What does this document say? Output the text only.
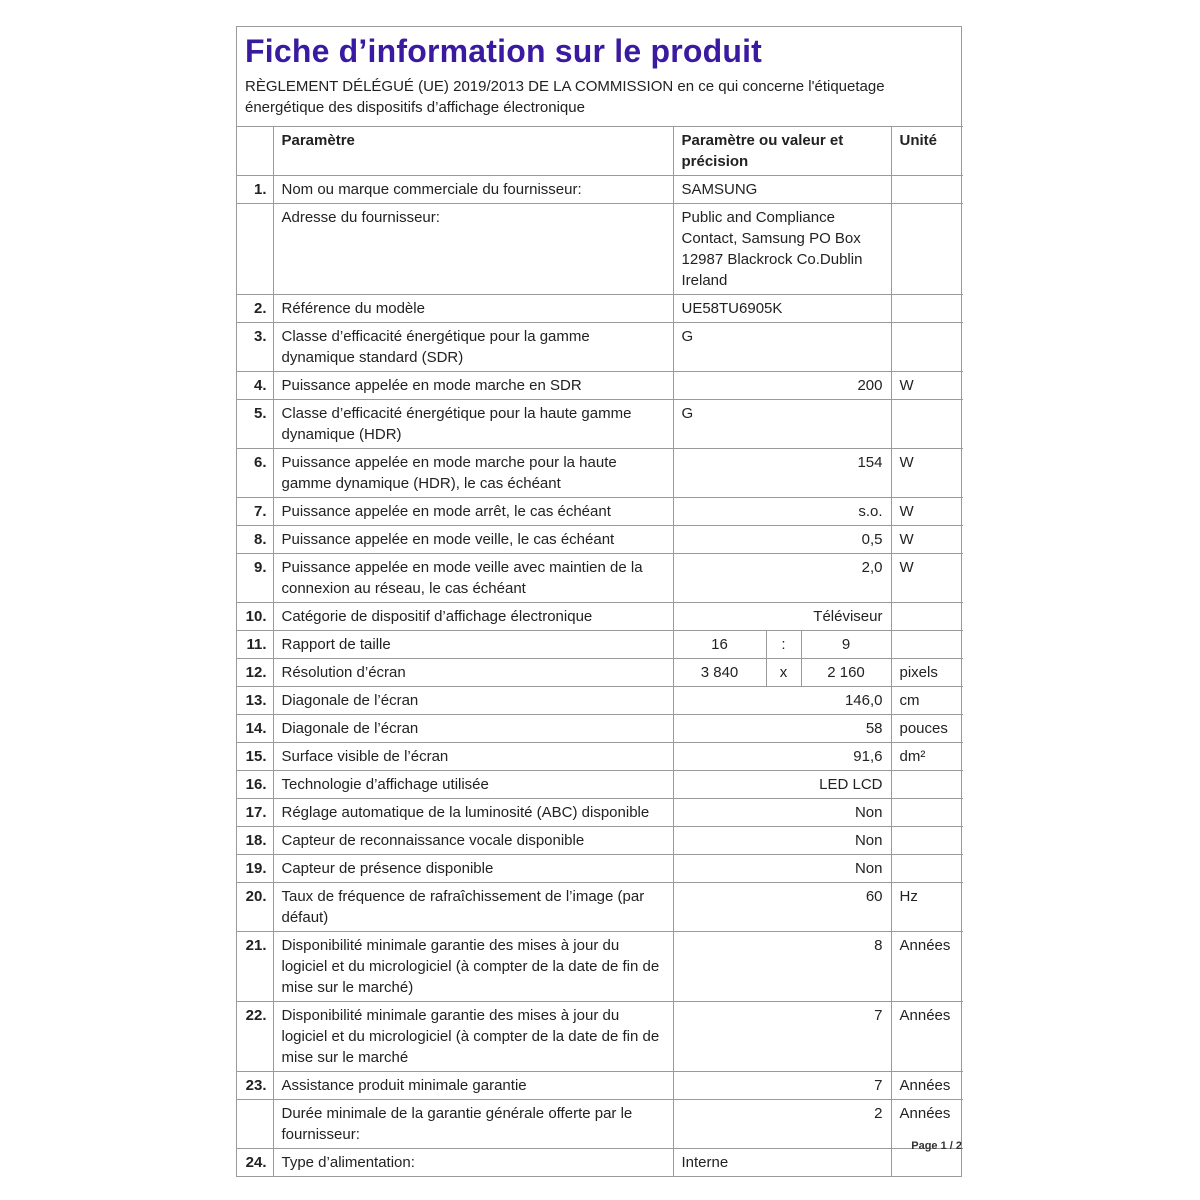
Fiche d’information sur le produit
RÈGLEMENT DÉLÉGUÉ (UE) 2019/2013 DE LA COMMISSION en ce qui concerne l'étiquetage énergétique des dispositifs d’affichage électronique
	Paramètre	Paramètre ou valeur et précision	Unité
1.	Nom ou marque commerciale du fournisseur:	SAMSUNG	
	Adresse du fournisseur:	Public and Compliance Contact, Samsung PO Box 12987 Blackrock Co.Dublin Ireland	
2.	Référence du modèle	UE58TU6905K	
3.	Classe d’efficacité énergétique pour la gamme dynamique standard (SDR)	G	
4.	Puissance appelée en mode marche en SDR	200	W
5.	Classe d’efficacité énergétique pour la haute gamme dynamique (HDR)	G	
6.	Puissance appelée en mode marche pour la haute gamme dynamique (HDR), le cas échéant	154	W
7.	Puissance appelée en mode arrêt, le cas échéant	s.o.	W
8.	Puissance appelée en mode veille, le cas échéant	0,5	W
9.	Puissance appelée en mode veille avec maintien de la connexion au réseau, le cas échéant	2,0	W
10.	Catégorie de dispositif d’affichage électronique	Téléviseur	
11.	Rapport de taille	16 : 9	

12.	Résolution d’écran	3 840 x 2 160	pixels
13.	Diagonale de l’écran	146,0	cm
14.	Diagonale de l’écran	58	pouces
15.	Surface visible de l’écran	91,6	dm²
16.	Technologie d’affichage utilisée	LED LCD	
17.	Réglage automatique de la luminosité (ABC) disponible	Non	
18.	Capteur de reconnaissance vocale disponible	Non	
19.	Capteur de présence disponible	Non	
20.	Taux de fréquence de rafraîchissement de l’image (par défaut)	60	Hz
21.	Disponibilité minimale garantie des mises à jour du logiciel et du micrologiciel (à compter de la date de fin de mise sur le marché)	8	Années
22.	Disponibilité minimale garantie des mises à jour du logiciel et du micrologiciel (à compter de la date de fin de mise sur le marché	7	Années
23.	Assistance produit minimale garantie	7	Années
	Durée minimale de la garantie générale offerte par le fournisseur:	2	Années
24.	Type d’alimentation:	Interne	
Page 1 / 2
